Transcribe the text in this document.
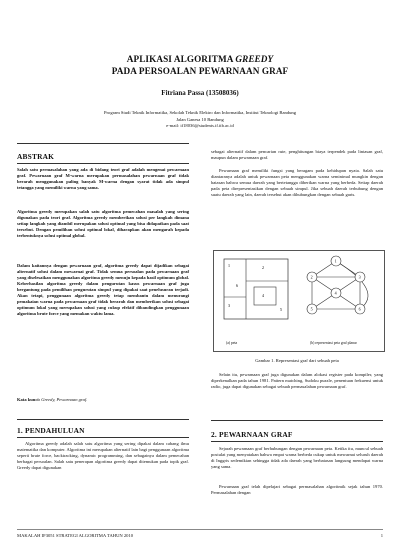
APLIKASI ALGORITMA GREEDY
PADA PERSOALAN PEWARNAAN GRAF
Fitriana Passa (13508036)
Program Studi Teknik Informatika, Sekolah Teknik Elektro dan Informatika, Institut Teknologi Bandung
Jalan Ganesa 10 Bandung
e-mail: if18036@students.if.itb.ac.id
ABSTRAK
Salah satu permasalahan yang ada di bidang teori graf adalah mengenai pewarnaan graf. Pewarnaan graf M-warna merupakan permasalahan pewarnaan graf tidak berarah menggunakan paling banyak M-warna dengan syarat tidak ada simpul tetangga yang memiliki warna yang sama.
Algoritma greedy merupakan salah satu algoritma pemecahan masalah yang sering digunakan pada teori graf. Algoritma greedy memberikan solusi per langkah dimana setiap langkah yang diambil merupakan solusi optimal yang bisa didapatkan pada saat tersebut. Dengan pemilihan solusi optimal lokal, diharapkan akan mengarah kepada terbentuknya solusi optimal global.
Dalam kaitannya dengan pewarnaan graf, algoritma greedy dapat dijadikan sebagai alternatif solusi dalam mewarnai graf. Tidak semua persoalan pada pewarnaan graf yang diselesaikan menggunakan algoritma greedy menuju kepada hasil optimum global. Keberhasilan algoritma greedy dalam pengurutan kasus pewarnaan graf juga bergantung pada pemilihan pengurutan simpul yang dipakai saat penelusuran terjadi. Akan tetapi, penggunaan algoritma greedy tetap membantu dalam menurangi pemakaian warna pada pewarnaan graf tidak berarah dan memberikan solusi sebagai optimum lokal yang merupakan solusi yang cukup efektif dibandingkan penggunaan algoritma brute force yang memakan waktu lama.
Kata kunci: Greedy, Pewarnaan graf.
1. PENDAHULUAN
Algoritma greedy adalah salah satu algoritma yang sering dipakai dalam cabang ilmu matematika dan komputer. Algoritma ini merupakan alternatif lain bagi penggunaan algoritma seperti brute force, backtracking, dynamic programming, dan sebagainya dalam pemecahan berbagai persoalan. Salah satu penerapan algoritma greedy dapat ditemukan pada topik graf. Greedy dapat digunakan
sebagai alternatif dalam pencarian rute, penghitungan biaya terpendek pada lintasan graf, maupun dalam pewarnaan graf.
Pewarnaan graf memiliki fungsi yang beragam pada kehidupan nyata. Salah satu diantaranya adalah untuk pewarnaan peta menggunakan warna seminimal mungkin dengan batasan bahwa semua daerah yang bertetangga diberikan warna yang berbeda. Setiap daerah pada peta direpresentasikan dengan sebuah simpul. Jika sebuah daerah terhubung dengan suatu daerah yang lain, daerah tersebut akan dihubungkan dengan sebuah garis.
1	2
3
4
5
6
1
2	3
4
5	6
(a) peta	(b) representasi peta graf planar
Gambar 1. Representasi graf dari sebuah peta
Selain itu, pewarnaan graf juga digunakan dalam alokasi register pada kompiler, yang diperkenalkan pada tahun 1981. Pattern matching, Sudoku puzzle, penentuan frekuensi untuk radio, juga dapat digunakan sebagai sebuah permasalahan pewarnaan graf.
2. PEWARNAAN GRAF
Sejarah pewarnaan graf berhubungan dengan pewarnaan peta. Ketika itu, muncul sebuah postulat yang menyatakan bahwa empat warna berbeda cukup untuk mewarnai seluruh daerah di Inggris sedemikian sehingga tidak ada daerah yang berbatasan langsung mendapat warna yang sama.
Pewarnaan graf telah dipelajari sebagai permasalahan algoritmik sejak tahun 1970. Permasalahan dengan
MAKALAH IF3051 STRATEGI ALGORITMA TAHUN 2010	1
